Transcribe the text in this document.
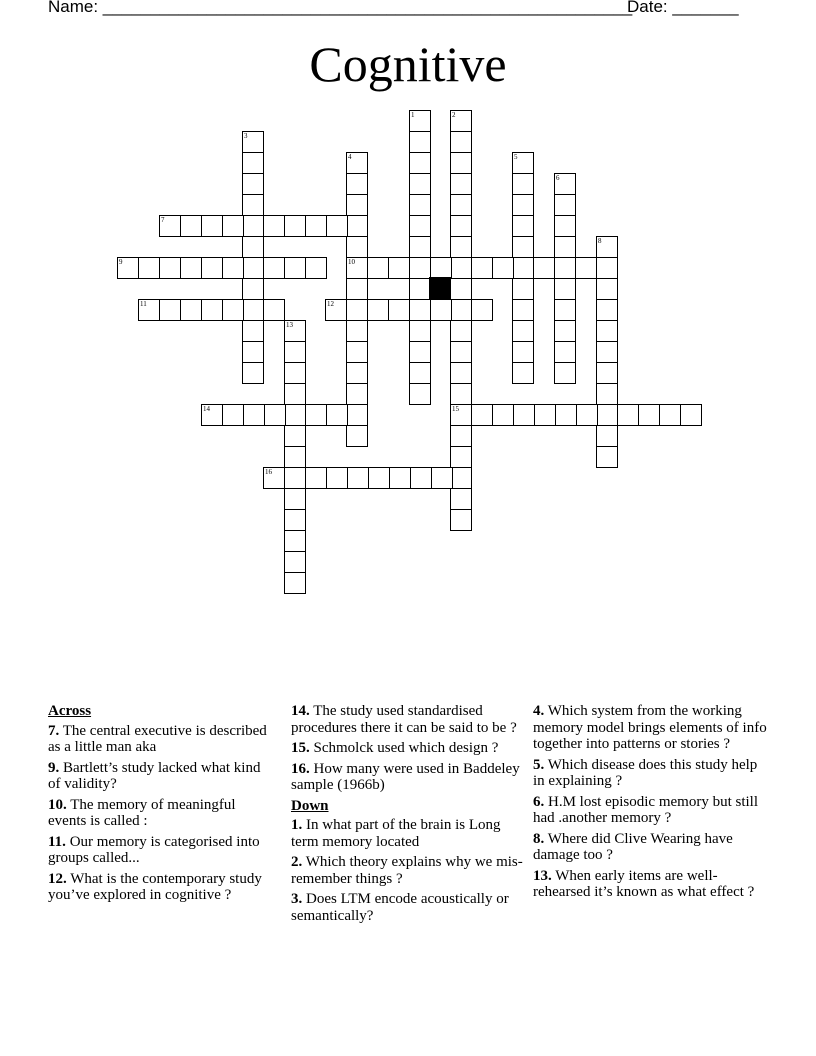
Name: ________________________________________________________
Date: _______
Cognitive
1	2
3
4	5
6
7
8
9	10
11	12
13
14	15
16
Across
7. The central executive is described as a little man aka
9. Bartlett’s study lacked what kind of validity?
10. The memory of meaningful events is called :
11. Our memory is categorised into groups called...
12. What is the contemporary study you’ve explored in cognitive ?
14. The study used standardised procedures there it can be said to be ?
15. Schmolck used which design ?
16. How many were used in Baddeley sample (1966b)
Down
1. In what part of the brain is Long term memory located
2. Which theory explains why we mis-remember things ?
3. Does LTM encode acoustically or semantically?
4. Which system from the working memory model brings elements of info together into patterns or stories ?
5. Which disease does this study help in explaining ?
6. H.M lost episodic memory but still had .another memory ?
8. Where did Clive Wearing have damage too ?
13. When early items are well-rehearsed it’s known as what effect ?
